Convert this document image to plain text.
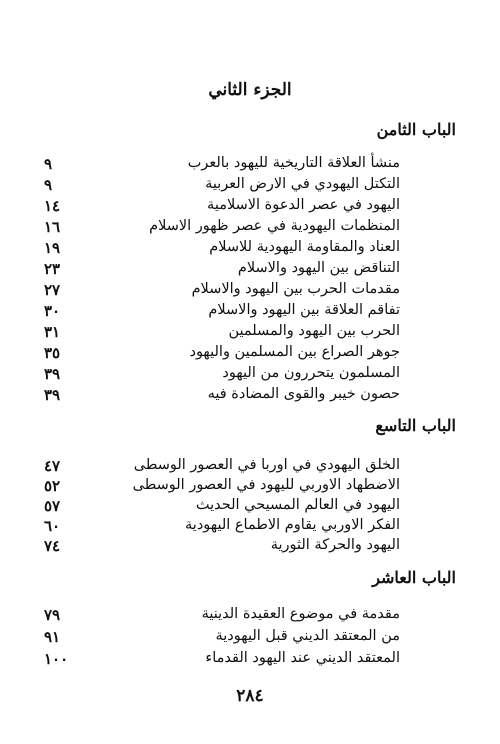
الجزء الثاني
الباب الثامن
منشأ العلاقة التاريخية لليهود بالعرب
٩
التكتل اليهودي في الارض العربية
٩
اليهود في عصر الدعوة الاسلامية
١٤
المنظمات اليهودية في عصر ظهور الاسلام
١٦
العناد والمقاومة اليهودية للاسلام
١٩
التناقض بين اليهود والاسلام
٢٣
مقدمات الحرب بين اليهود والاسلام
٢٧
تفاقم العلاقة بين اليهود والاسلام
٣٠
الحرب بين اليهود والمسلمين
٣١
جوهر الصراع بين المسلمين واليهود
٣٥
المسلمون يتحررون من اليهود
٣٩
حصون خيبر والقوى المضادة فيه
٣٩
الباب التاسع
الخلق اليهودي في اوربا في العصور الوسطى
٤٧
الاضطهاد الاوربي لليهود في العصور الوسطى
٥٢
اليهود في العالم المسيحي الحديث
٥٧
الفكر الاوربي يقاوم الاطماع اليهودية
٦٠
اليهود والحركة الثورية
٧٤
الباب العاشر
مقدمة في موضوع العقيدة الدينية
٧٩
من المعتقد الديني قبل اليهودية
٩١
المعتقد الديني عند اليهود القدماء
١٠٠
٢٨٤
